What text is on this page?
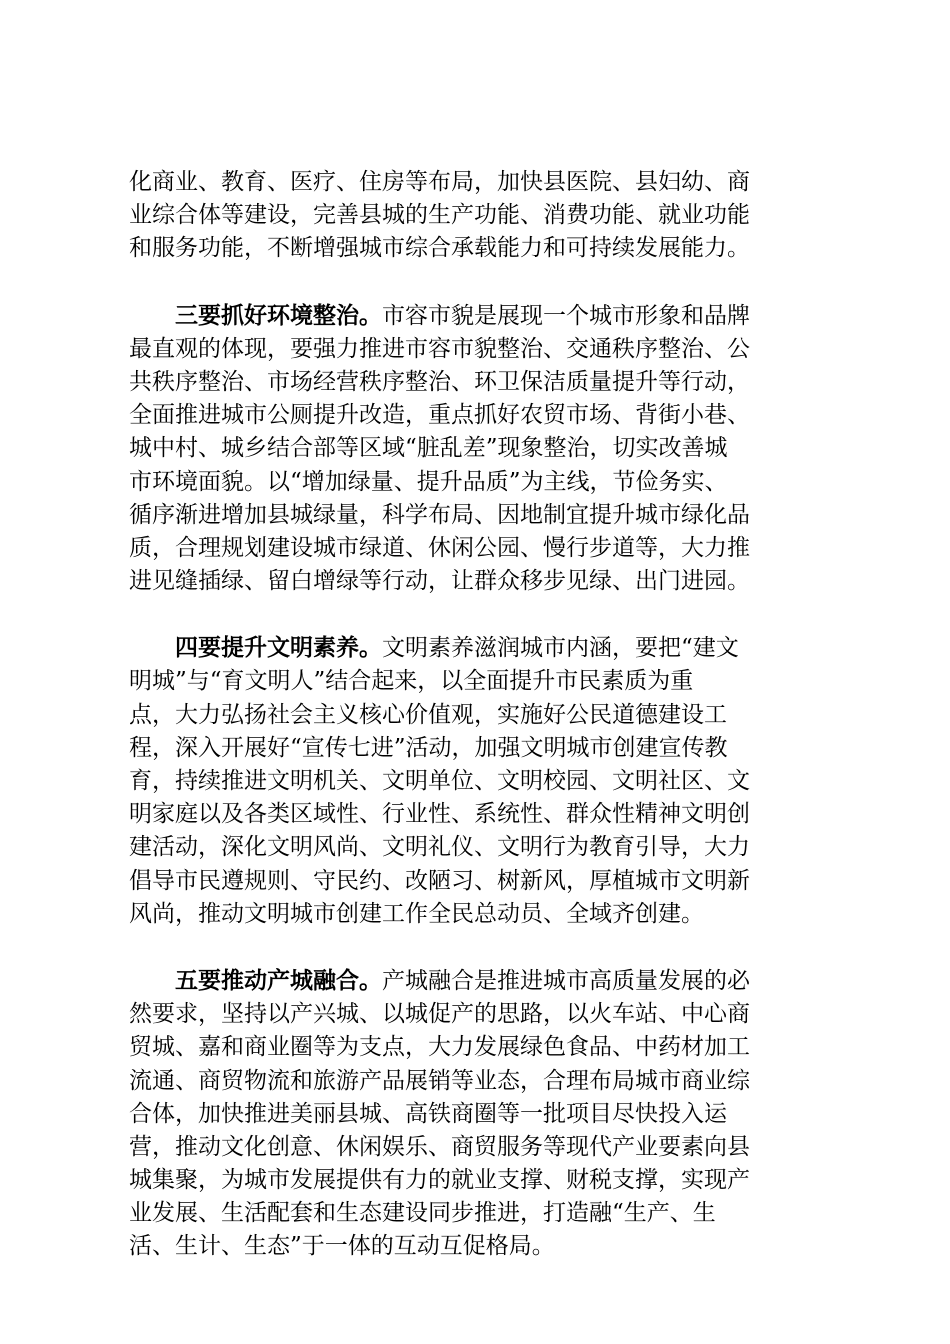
化商业、教育、医疗、住房等布局，加快县医院、县妇幼、商
业综合体等建设，完善县城的生产功能、消费功能、就业功能
和服务功能，不断增强城市综合承载能力和可持续发展能力。
三要抓好环境整治。市容市貌是展现一个城市形象和品牌
最直观的体现，要强力推进市容市貌整治、交通秩序整治、公
共秩序整治、市场经营秩序整治、环卫保洁质量提升等行动，
全面推进城市公厕提升改造，重点抓好农贸市场、背街小巷、
城中村、城乡结合部等区域“脏乱差”现象整治，切实改善城
市环境面貌。以“增加绿量、提升品质”为主线，节俭务实、
循序渐进增加县城绿量，科学布局、因地制宜提升城市绿化品
质，合理规划建设城市绿道、休闲公园、慢行步道等，大力推
进见缝插绿、留白增绿等行动，让群众移步见绿、出门进园。
四要提升文明素养。文明素养滋润城市内涵，要把“建文
明城”与“育文明人”结合起来，以全面提升市民素质为重
点，大力弘扬社会主义核心价值观，实施好公民道德建设工
程，深入开展好“宣传七进”活动，加强文明城市创建宣传教
育，持续推进文明机关、文明单位、文明校园、文明社区、文
明家庭以及各类区域性、行业性、系统性、群众性精神文明创
建活动，深化文明风尚、文明礼仪、文明行为教育引导，大力
倡导市民遵规则、守民约、改陋习、树新风，厚植城市文明新
风尚，推动文明城市创建工作全民总动员、全域齐创建。
五要推动产城融合。产城融合是推进城市高质量发展的必
然要求，坚持以产兴城、以城促产的思路，以火车站、中心商
贸城、嘉和商业圈等为支点，大力发展绿色食品、中药材加工
流通、商贸物流和旅游产品展销等业态，合理布局城市商业综
合体，加快推进美丽县城、高铁商圈等一批项目尽快投入运
营，推动文化创意、休闲娱乐、商贸服务等现代产业要素向县
城集聚，为城市发展提供有力的就业支撑、财税支撑，实现产
业发展、生活配套和生态建设同步推进，打造融“生产、生
活、生计、生态”于一体的互动互促格局。
